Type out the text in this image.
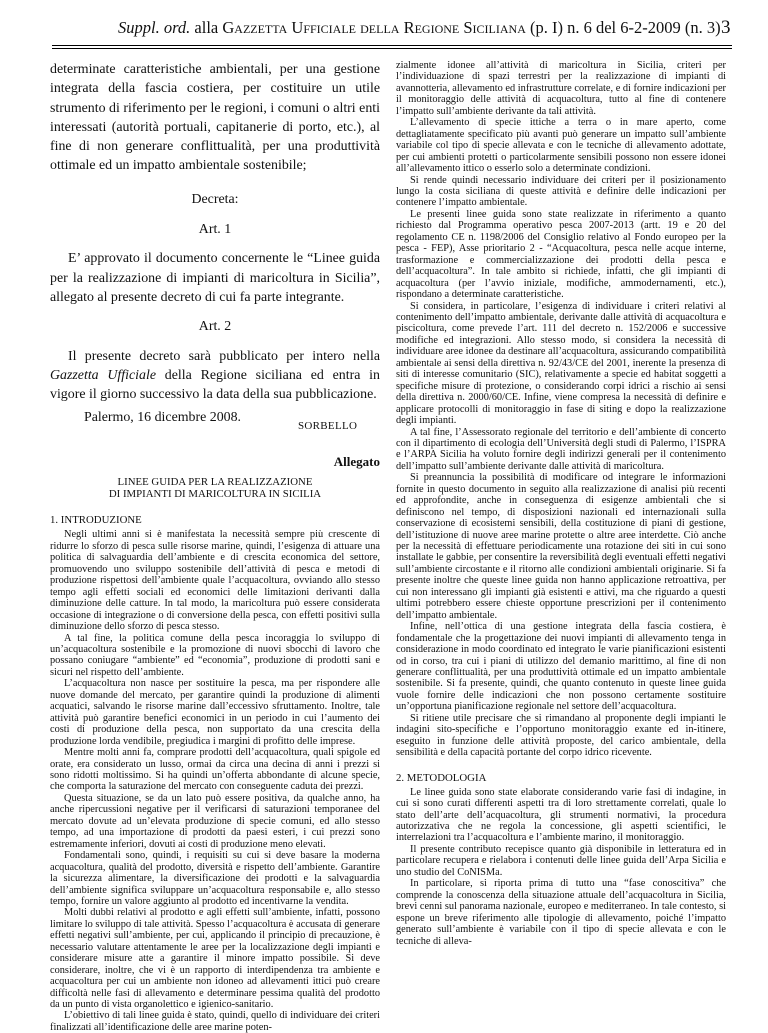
Suppl. ord. alla Gazzetta Ufficiale della Regione Siciliana (p. I) n. 6 del 6-2-2009 (n. 3) 3

determinate caratteristiche ambientali, per una gestione integrata della fascia costiera, per costituire un utile strumento di riferimento per le regioni, i comuni o altri enti interessati (autorità portuali, capitanerie di porto, etc.), al fine di non generare conflittualità, per una produttività ottimale ed un impatto ambientale sostenibile;

Decreta:

Art. 1

E’ approvato il documento concernente le “Linee guida per la realizzazione di impianti di maricoltura in Sicilia”, allegato al presente decreto di cui fa parte integrante.

Art. 2

Il presente decreto sarà pubblicato per intero nella Gazzetta Ufficiale della Regione siciliana ed entra in vigore il giorno successivo la data della sua pubblicazione.

Palermo, 16 dicembre 2008.
SORBELLO

Allegato

LINEE GUIDA PER LA REALIZZAZIONE

DI IMPIANTI DI MARICOLTURA IN SICILIA

1. INTRODUZIONE

Negli ultimi anni si è manifestata la necessità sempre più crescente di ridurre lo sforzo di pesca sulle risorse marine, quindi, l’esigenza di attuare una politica di salvaguardia dell’ambiente e di crescita economica del settore, promuovendo uno sviluppo sostenibile dell’attività di pesca e metodi di produzione rispettosi dell’ambiente quale l’acquacoltura, ovviando allo stesso tempo agli effetti sociali ed economici delle limitazioni derivanti dalla diminuzione delle catture. In tal modo, la maricoltura può essere considerata occasione di integrazione o di conversione della pesca, con effetti positivi sulla diminuzione dello sforzo di pesca stesso.

A tal fine, la politica comune della pesca incoraggia lo sviluppo di un’acquacoltura sostenibile e la promozione di nuovi sbocchi di lavoro che possano coniugare “ambiente” ed “economia”, produzione di prodotti sani e sicuri nel rispetto dell’ambiente.

L’acquacoltura non nasce per sostituire la pesca, ma per rispondere alle nuove domande del mercato, per garantire quindi la produzione di alimenti acquatici, salvando le risorse marine dall’eccessivo sfruttamento. Inoltre, tale attività può garantire benefici economici in un periodo in cui l’aumento dei costi di produzione della pesca, non supportato da una crescita della produzione lorda vendibile, pregiudica i margini di profitto delle imprese.

Mentre molti anni fa, comprare prodotti dell’acquacoltura, quali spigole ed orate, era considerato un lusso, ormai da circa una decina di anni i prezzi si sono ridotti moltissimo. Si ha quindi un’offerta abbondante di alcune specie, che comporta la saturazione del mercato con conseguente caduta dei prezzi.

Questa situazione, se da un lato può essere positiva, da qualche anno, ha anche ripercussioni negative per il verificarsi di saturazioni temporanee del mercato dovute ad un’elevata produzione di specie comuni, ed allo stesso tempo, ad una importazione di prodotti da paesi esteri, i cui prezzi sono estremamente inferiori, dovuti ai costi di produzione meno elevati.

Fondamentali sono, quindi, i requisiti su cui si deve basare la moderna acquacoltura, qualità del prodotto, diversità e rispetto dell’ambiente. Garantire la sicurezza alimentare, la diversificazione dei prodotti e la salvaguardia dell’ambiente significa sviluppare un’acquacoltura responsabile e, allo stesso tempo, fornire un valore aggiunto al prodotto ed incentivarne la vendita.

Molti dubbi relativi al prodotto e agli effetti sull’ambiente, infatti, possono limitare lo sviluppo di tale attività. Spesso l’acquacoltura è accusata di generare effetti negativi sull’ambiente, per cui, applicando il principio di precauzione, è necessario valutare attentamente le aree per la localizzazione degli impianti e considerare misure atte a garantire il minore impatto possibile. Si deve considerare, inoltre, che vi è un rapporto di interdipendenza tra ambiente e acquacoltura per cui un ambiente non idoneo ad allevamenti ittici può creare difficoltà nelle fasi di allevamento e determinare pessima qualità del prodotto da un punto di vista organolettico e igienico-sanitario.

L’obiettivo di tali linee guida è stato, quindi, quello di individuare dei criteri finalizzati all’identificazione delle aree marine poten-

zialmente idonee all’attività di maricoltura in Sicilia, criteri per l’individuazione di spazi terrestri per la realizzazione di impianti di avannotteria, allevamento ed infrastrutture correlate, e di fornire indicazioni per il monitoraggio delle attività di acquacoltura, tutto al fine di contenere l’impatto sull’ambiente derivante da tali attività.

L’allevamento di specie ittiche a terra o in mare aperto, come dettagliatamente specificato più avanti può generare un impatto sull’ambiente variabile col tipo di specie allevata e con le tecniche di allevamento adottate, per cui ambienti protetti o particolarmente sensibili possono non essere idonei all’allevamento ittico o esserlo solo a determinate condizioni.

Si rende quindi necessario individuare dei criteri per il posizionamento lungo la costa siciliana di queste attività e definire delle indicazioni per contenere l’impatto ambientale.

Le presenti linee guida sono state realizzate in riferimento a quanto richiesto dal Programma operativo pesca 2007-2013 (artt. 19 e 20 del regolamento CE n. 1198/2006 del Consiglio relativo al Fondo europeo per la pesca - FEP), Asse prioritario 2 - “Acquacoltura, pesca nelle acque interne, trasformazione e commercializzazione dei prodotti della pesca e dell’acquacoltura”. In tale ambito si richiede, infatti, che gli impianti di acquacoltura (per l’avvio iniziale, modifiche, ammodernamenti, etc.), rispondano a determinate caratteristiche.

Si considera, in particolare, l’esigenza di individuare i criteri relativi al contenimento dell’impatto ambientale, derivante dalle attività di acquacoltura e piscicoltura, come prevede l’art. 111 del decreto n. 152/2006 e successive modifiche ed integrazioni. Allo stesso modo, si considera la necessità di individuare aree idonee da destinare all’acquacoltura, assicurando compatibilità ambientale ai sensi della direttiva n. 92/43/CE del 2001, inerente la presenza di siti di interesse comunitario (SIC), relativamente a specie ed habitat soggetti a specifiche misure di protezione, o considerando corpi idrici a rischio ai sensi della direttiva n. 2000/60/CE. Infine, viene compresa la necessità di definire e applicare protocolli di monitoraggio in fase di siting e dopo la realizzazione degli impianti.

A tal fine, l’Assessorato regionale del territorio e dell’ambiente di concerto con il dipartimento di ecologia dell’Università degli studi di Palermo, l’ISPRA e l’ARPA Sicilia ha voluto fornire degli indirizzi generali per il contenimento dell’impatto sull’ambiente derivante dalle attività di maricoltura.

Si preannuncia la possibilità di modificare od integrare le informazioni fornite in questo documento in seguito alla realizzazione di analisi più recenti ed approfondite, anche in conseguenza di esigenze ambientali che si definiscono nel tempo, di disposizioni nazionali ed internazionali sulla conservazione di ecosistemi sensibili, della costituzione di piani di gestione, dell’istituzione di nuove aree marine protette o altre aree interdette. Ciò anche per la necessità di effettuare periodicamente una rotazione dei siti in cui sono installate le gabbie, per consentire la reversibilità degli eventuali effetti negativi sull’ambiente circostante e il ritorno alle condizioni ambientali originarie. Si fa presente inoltre che queste linee guida non hanno applicazione retroattiva, per cui non interessano gli impianti già esistenti e attivi, ma che riguardo a questi ultimi potrebbero essere chieste opportune prescrizioni per il contenimento dell’impatto ambientale.

Infine, nell’ottica di una gestione integrata della fascia costiera, è fondamentale che la progettazione dei nuovi impianti di allevamento tenga in considerazione in modo coordinato ed integrato le varie pianificazioni esistenti od in corso, tra cui i piani di utilizzo del demanio marittimo, al fine di non generare conflittualità, per una produttività ottimale ed un impatto ambientale sostenibile. Si fa presente, quindi, che quanto contenuto in queste linee guida vuole fornire delle indicazioni che non possono certamente sostituire un’opportuna pianificazione regionale nel settore dell’acquacoltura.

Si ritiene utile precisare che si rimandano al proponente degli impianti le indagini sito-specifiche e l’opportuno monitoraggio exante ed in-itinere, eseguito in funzione delle attività proposte, del carico ambientale, della sensibilità e della capacità portante del corpo idrico ricevente.

2. METODOLOGIA

Le linee guida sono state elaborate considerando varie fasi di indagine, in cui si sono curati differenti aspetti tra di loro strettamente correlati, quale lo stato dell’arte dell’acquacoltura, gli strumenti normativi, la procedura autorizzativa che ne regola la concessione, gli aspetti scientifici, le interrelazioni tra l’acquacoltura e l’ambiente marino, il monitoraggio.

Il presente contributo recepisce quanto già disponibile in letteratura ed in particolare recupera e rielabora i contenuti delle linee guida dell’Arpa Sicilia e uno studio del CoNISMa.

In particolare, si riporta prima di tutto una “fase conoscitiva” che comprende la conoscenza della situazione attuale dell’acquacoltura in Sicilia, brevi cenni sul panorama nazionale, europeo e mediterraneo. In tale contesto, si espone un breve riferimento alle tipologie di allevamento, poiché l’impatto generato sull’ambiente è variabile con il tipo di specie allevata e con le tecniche di alleva-
